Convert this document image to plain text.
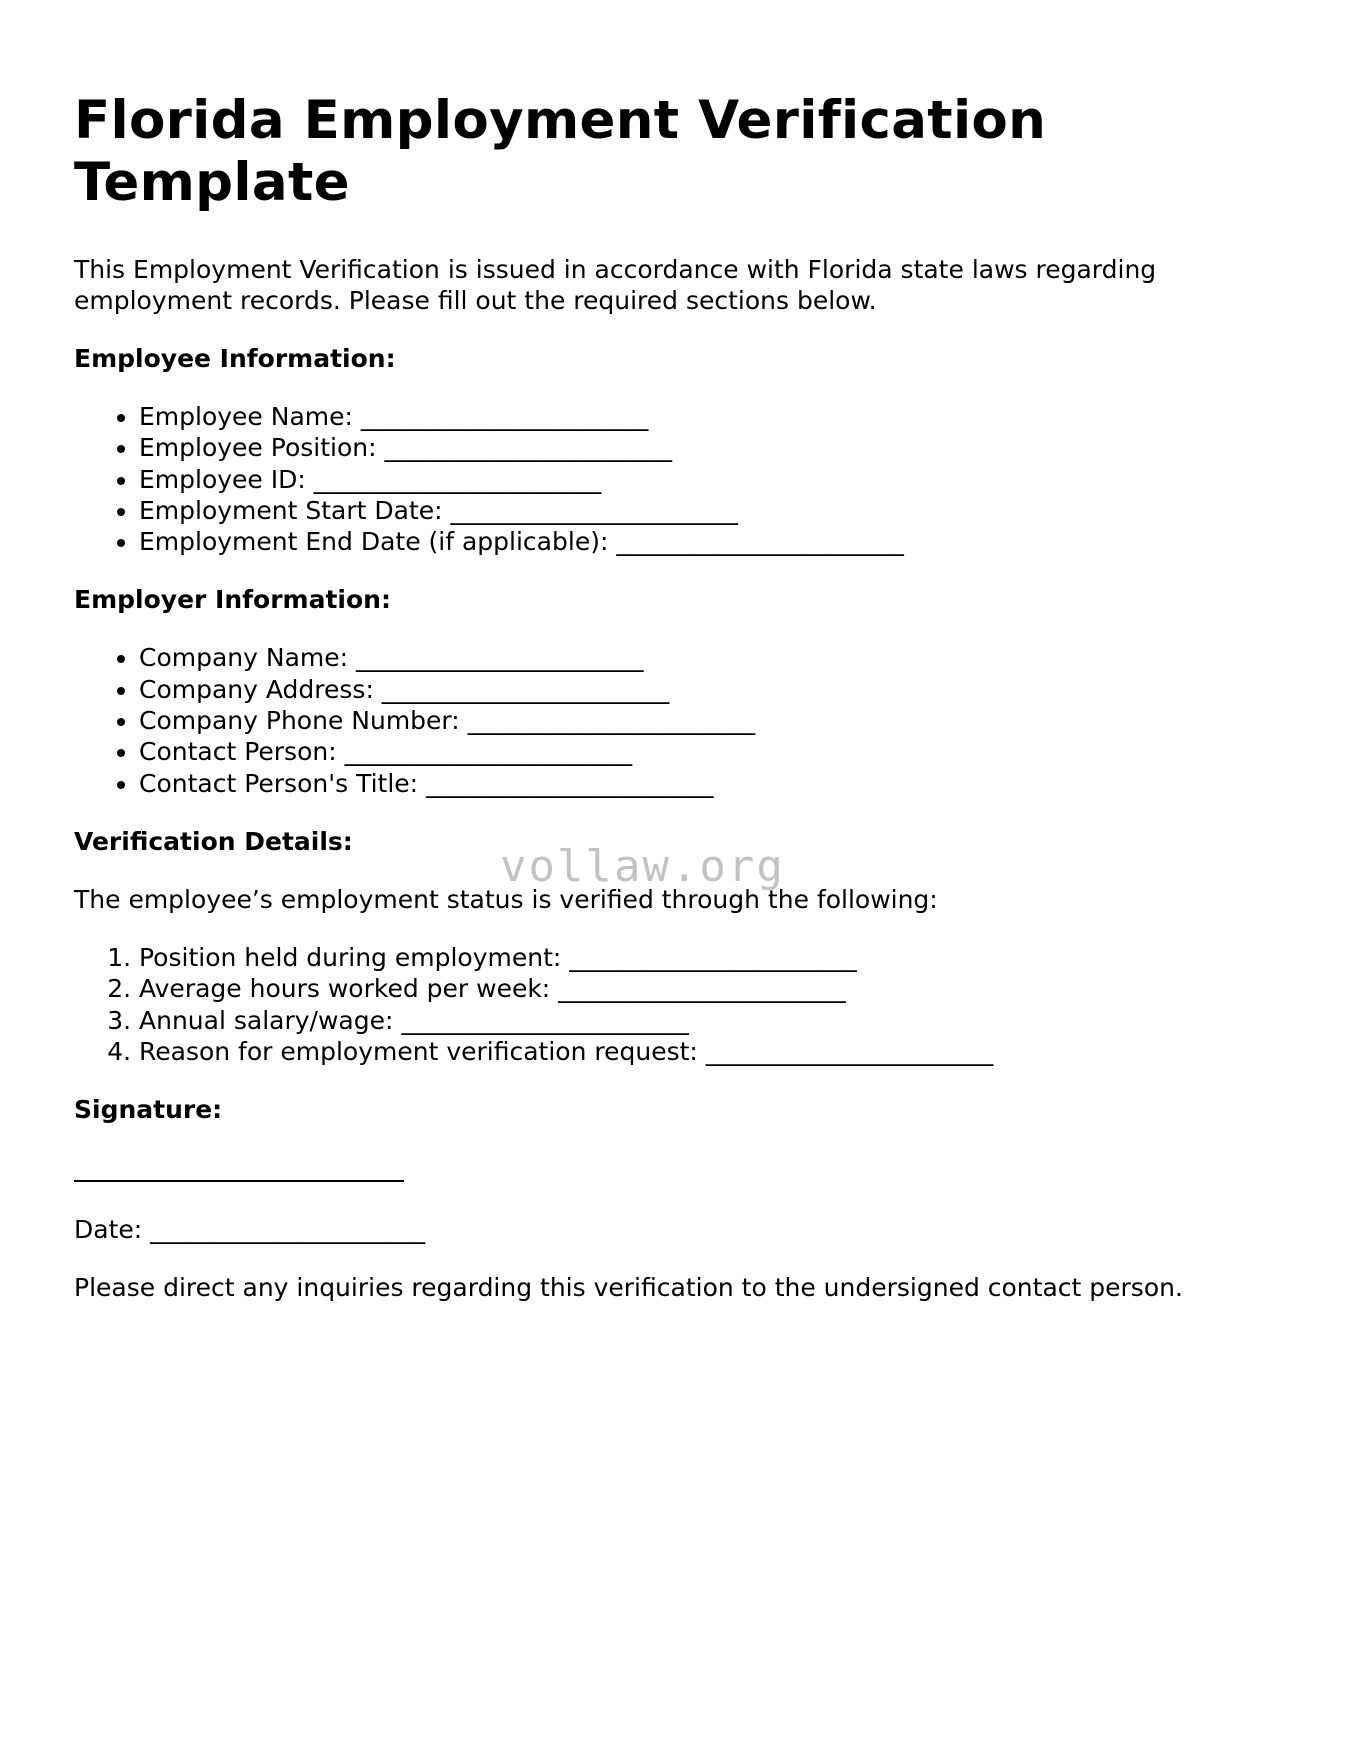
Florida Employment Verification Template

This Employment Verification is issued in accordance with Florida state laws regarding employment records. Please fill out the required sections below.

Employee Information:

• Employee Name: _______________________
• Employee Position: _______________________
• Employee ID: _______________________
• Employment Start Date: _______________________
• Employment End Date (if applicable): _______________________

Employer Information:

• Company Name: _______________________
• Company Address: _______________________
• Company Phone Number: _______________________
• Contact Person: _______________________
• Contact Person's Title: _______________________

Verification Details:

The employee’s employment status is verified through the following:

1. Position held during employment: _______________________
2. Average hours worked per week: _______________________
3. Annual salary/wage: _______________________
4. Reason for employment verification request: _______________________

Signature:

Date: ______________________

Please direct any inquiries regarding this verification to the undersigned contact person.

vollaw.org
